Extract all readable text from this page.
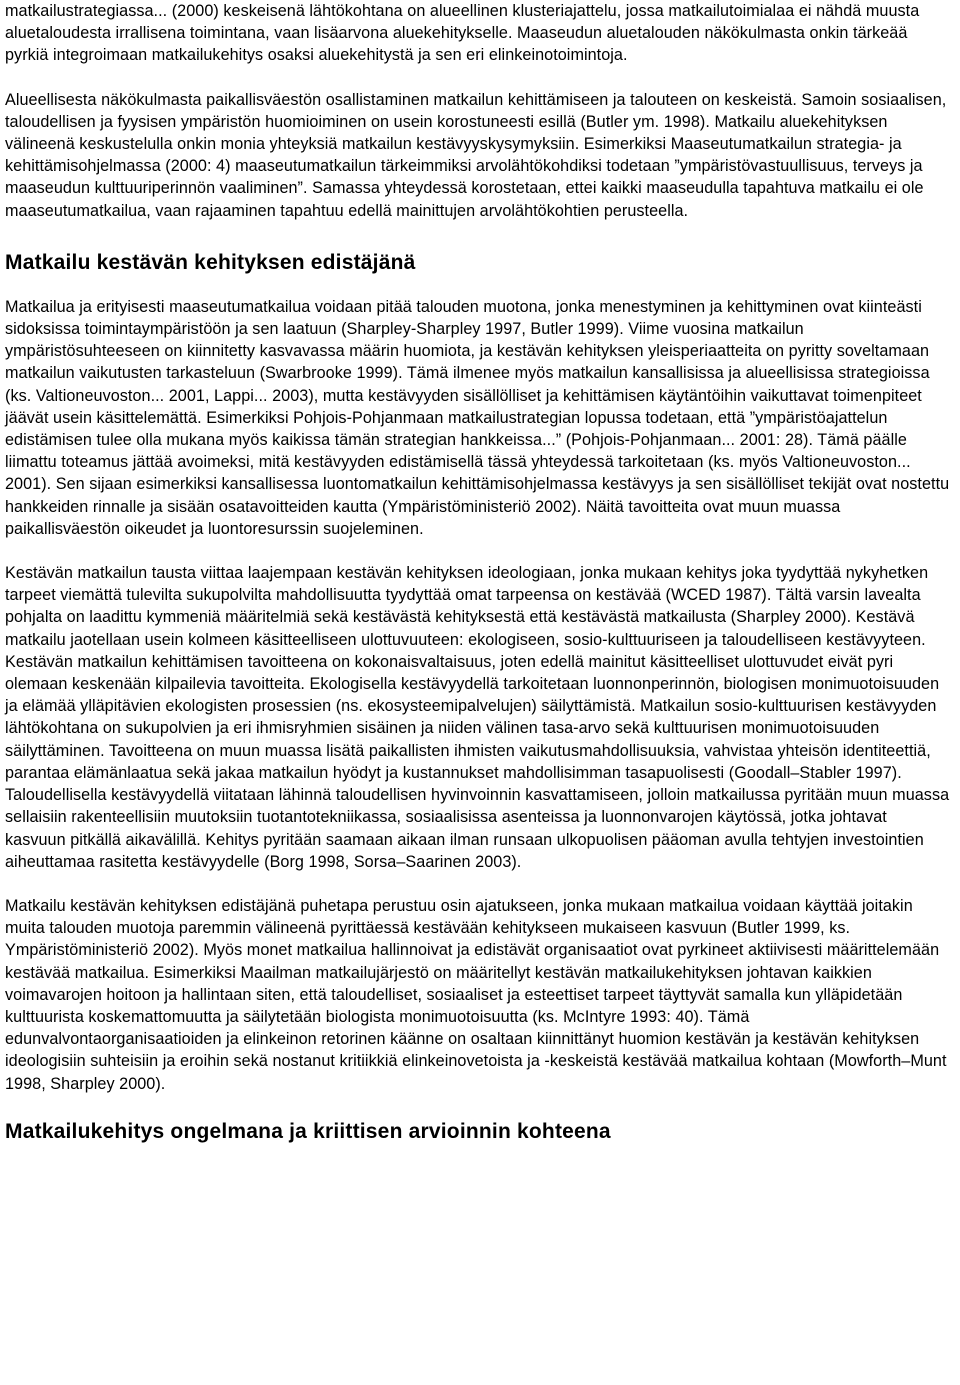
matkailustrategiassa... (2000) keskeisenä lähtökohtana on alueellinen klusteriajattelu, jossa matkailutoimialaa ei nähdä muusta aluetaloudesta irrallisena toimintana, vaan lisäarvona aluekehitykselle. Maaseudun aluetalouden näkökulmasta onkin tärkeää pyrkiä integroimaan matkailukehitys osaksi aluekehitystä ja sen eri elinkeinotoimintoja.

Alueellisesta näkökulmasta paikallisväestön osallistaminen matkailun kehittämiseen ja talouteen on keskeistä. Samoin sosiaalisen, taloudellisen ja fyysisen ympäristön huomioiminen on usein korostuneesti esillä (Butler ym. 1998). Matkailu aluekehityksen välineenä keskustelulla onkin monia yhteyksiä matkailun kestävyyskysymyksiin. Esimerkiksi Maaseutumatkailun strategia- ja kehittämisohjelmassa (2000: 4) maaseutumatkailun tärkeimmiksi arvolähtökohdiksi todetaan ”ympäristövastuullisuus, terveys ja maaseudun kulttuuriperinnön vaaliminen”. Samassa yhteydessä korostetaan, ettei kaikki maaseudulla tapahtuva matkailu ei ole maaseutumatkailua, vaan rajaaminen tapahtuu edellä mainittujen arvolähtökohtien perusteella.

Matkailu kestävän kehityksen edistäjänä

Matkailua ja erityisesti maaseutumatkailua voidaan pitää talouden muotona, jonka menestyminen ja kehittyminen ovat kiinteästi sidoksissa toimintaympäristöön ja sen laatuun (Sharpley-Sharpley 1997, Butler 1999). Viime vuosina matkailun ympäristösuhteeseen on kiinnitetty kasvavassa määrin huomiota, ja kestävän kehityksen yleisperiaatteita on pyritty soveltamaan matkailun vaikutusten tarkasteluun (Swarbrooke 1999). Tämä ilmenee myös matkailun kansallisissa ja alueellisissa strategioissa (ks. Valtioneuvoston... 2001, Lappi... 2003), mutta kestävyyden sisällölliset ja kehittämisen käytäntöihin vaikuttavat toimenpiteet jäävät usein käsittelemättä. Esimerkiksi Pohjois-Pohjanmaan matkailustrategian lopussa todetaan, että ”ympäristöajattelun edistämisen tulee olla mukana myös kaikissa tämän strategian hankkeissa...” (Pohjois-Pohjanmaan... 2001: 28). Tämä päälle liimattu toteamus jättää avoimeksi, mitä kestävyyden edistämisellä tässä yhteydessä tarkoitetaan (ks. myös Valtioneuvoston... 2001). Sen sijaan esimerkiksi kansallisessa luontomatkailun kehittämisohjelmassa kestävyys ja sen sisällölliset tekijät ovat nostettu hankkeiden rinnalle ja sisään osatavoitteiden kautta (Ympäristöministeriö 2002). Näitä tavoitteita ovat muun muassa paikallisväestön oikeudet ja luontoresurssin suojeleminen.

Kestävän matkailun tausta viittaa laajempaan kestävän kehityksen ideologiaan, jonka mukaan kehitys joka tyydyttää nykyhetken tarpeet viemättä tulevilta sukupolvilta mahdollisuutta tyydyttää omat tarpeensa on kestävää (WCED 1987). Tältä varsin lavealta pohjalta on laadittu kymmeniä määritelmiä sekä kestävästä kehityksestä että kestävästä matkailusta (Sharpley 2000). Kestävä matkailu jaotellaan usein kolmeen käsitteelliseen ulottuvuuteen: ekologiseen, sosio-kulttuuriseen ja taloudelliseen kestävyyteen. Kestävän matkailun kehittämisen tavoitteena on kokonaisvaltaisuus, joten edellä mainitut käsitteelliset ulottuvudet eivät pyri olemaan keskenään kilpailevia tavoitteita. Ekologisella kestävyydellä tarkoitetaan luonnonperinnön, biologisen monimuotoisuuden ja elämää ylläpitävien ekologisten prosessien (ns. ekosysteemipalvelujen) säilyttämistä. Matkailun sosio-kulttuurisen kestävyyden lähtökohtana on sukupolvien ja eri ihmisryhmien sisäinen ja niiden välinen tasa-arvo sekä kulttuurisen monimuotoisuuden säilyttäminen. Tavoitteena on muun muassa lisätä paikallisten ihmisten vaikutusmahdollisuuksia, vahvistaa yhteisön identiteettiä, parantaa elämänlaatua sekä jakaa matkailun hyödyt ja kustannukset mahdollisimman tasapuolisesti (Goodall–Stabler 1997). Taloudellisella kestävyydellä viitataan lähinnä taloudellisen hyvinvoinnin kasvattamiseen, jolloin matkailussa pyritään muun muassa sellaisiin rakenteellisiin muutoksiin tuotantotekniikassa, sosiaalisissa asenteissa ja luonnonvarojen käytössä, jotka johtavat kasvuun pitkällä aikavälillä. Kehitys pyritään saamaan aikaan ilman runsaan ulkopuolisen pääoman avulla tehtyjen investointien aiheuttamaa rasitetta kestävyydelle (Borg 1998, Sorsa–Saarinen 2003).

Matkailu kestävän kehityksen edistäjänä puhetapa perustuu osin ajatukseen, jonka mukaan matkailua voidaan käyttää joitakin muita talouden muotoja paremmin välineenä pyrittäessä kestävään kehitykseen mukaiseen kasvuun (Butler 1999, ks. Ympäristöministeriö 2002). Myös monet matkailua hallinnoivat ja edistävät organisaatiot ovat pyrkineet aktiivisesti määrittelemään kestävää matkailua. Esimerkiksi Maailman matkailujärjestö on määritellyt kestävän matkailukehityksen johtavan kaikkien voimavarojen hoitoon ja hallintaan siten, että taloudelliset, sosiaaliset ja esteettiset tarpeet täyttyvät samalla kun ylläpidetään kulttuurista koskemattomuutta ja säilytetään biologista monimuotoisuutta (ks. McIntyre 1993: 40). Tämä edunvalvontaorganisaatioiden ja elinkeinon retorinen käänne on osaltaan kiinnittänyt huomion kestävän ja kestävän kehityksen ideologisiin suhteisiin ja eroihin sekä nostanut kritiikkiä elinkeinovetoista ja -keskeistä kestävää matkailua kohtaan (Mowforth–Munt 1998, Sharpley 2000).

Matkailukehitys ongelmana ja kriittisen arvioinnin kohteena
